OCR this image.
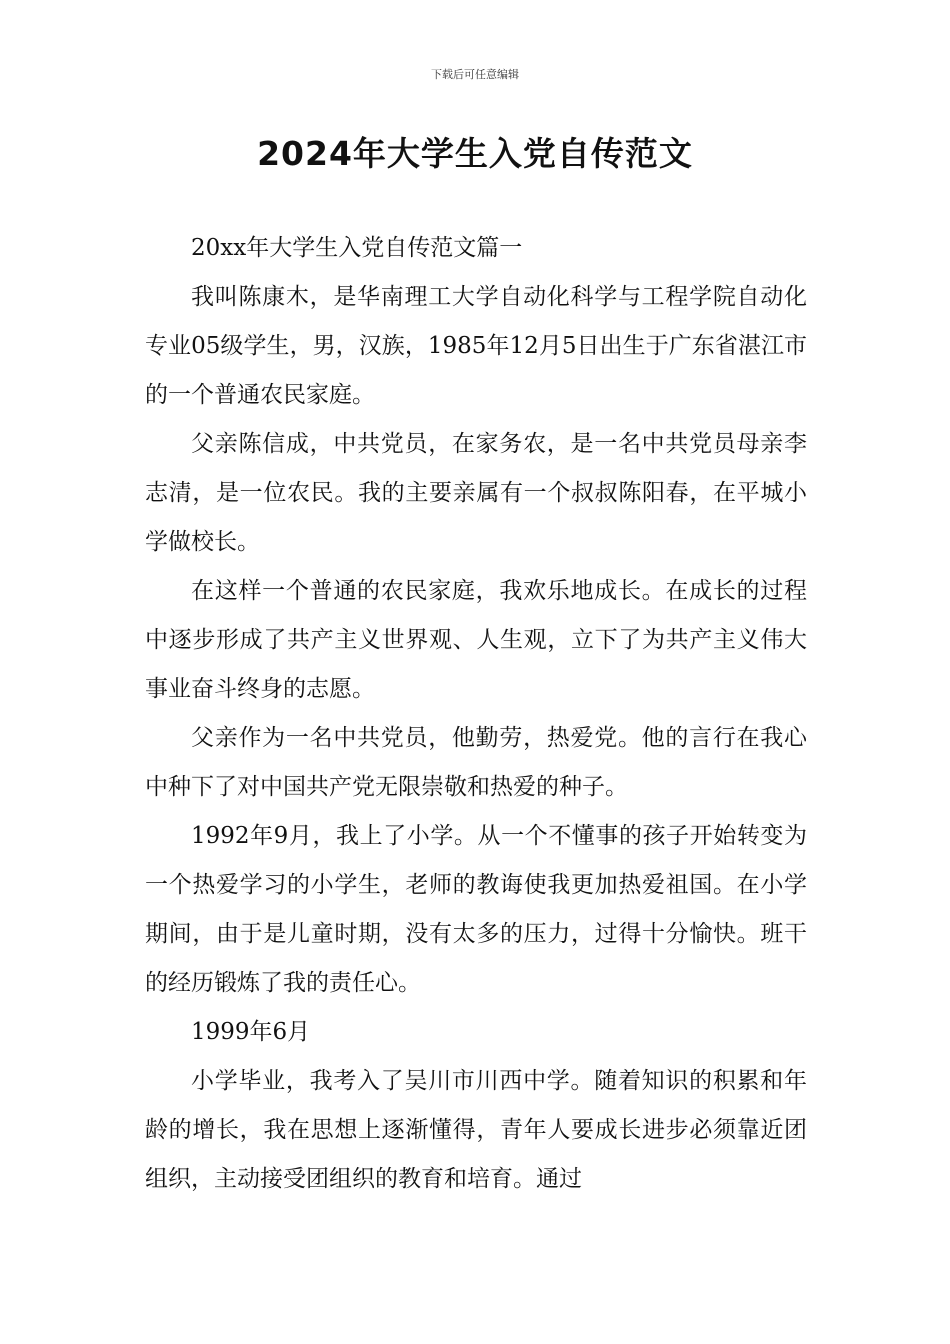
下载后可任意编辑
2024年大学生入党自传范文

20xx年大学生入党自传范文篇一

我叫陈康木，是华南理工大学自动化科学与工程学院自动化专业05级学生，男，汉族，1985年12月5日出生于广东省湛江市的一个普通农民家庭。

父亲陈信成，中共党员，在家务农，是一名中共党员母亲李志清，是一位农民。我的主要亲属有一个叔叔陈阳春，在平城小学做校长。

在这样一个普通的农民家庭，我欢乐地成长。在成长的过程中逐步形成了共产主义世界观、人生观，立下了为共产主义伟大事业奋斗终身的志愿。

父亲作为一名中共党员，他勤劳，热爱党。他的言行在我心中种下了对中国共产党无限崇敬和热爱的种子。

1992年9月，我上了小学。从一个不懂事的孩子开始转变为一个热爱学习的小学生，老师的教诲使我更加热爱祖国。在小学期间，由于是儿童时期，没有太多的压力，过得十分愉快。班干的经历锻炼了我的责任心。

1999年6月

小学毕业，我考入了吴川市川西中学。随着知识的积累和年龄的增长，我在思想上逐渐懂得，青年人要成长进步必须靠近团组织，主动接受团组织的教育和培育。通过
